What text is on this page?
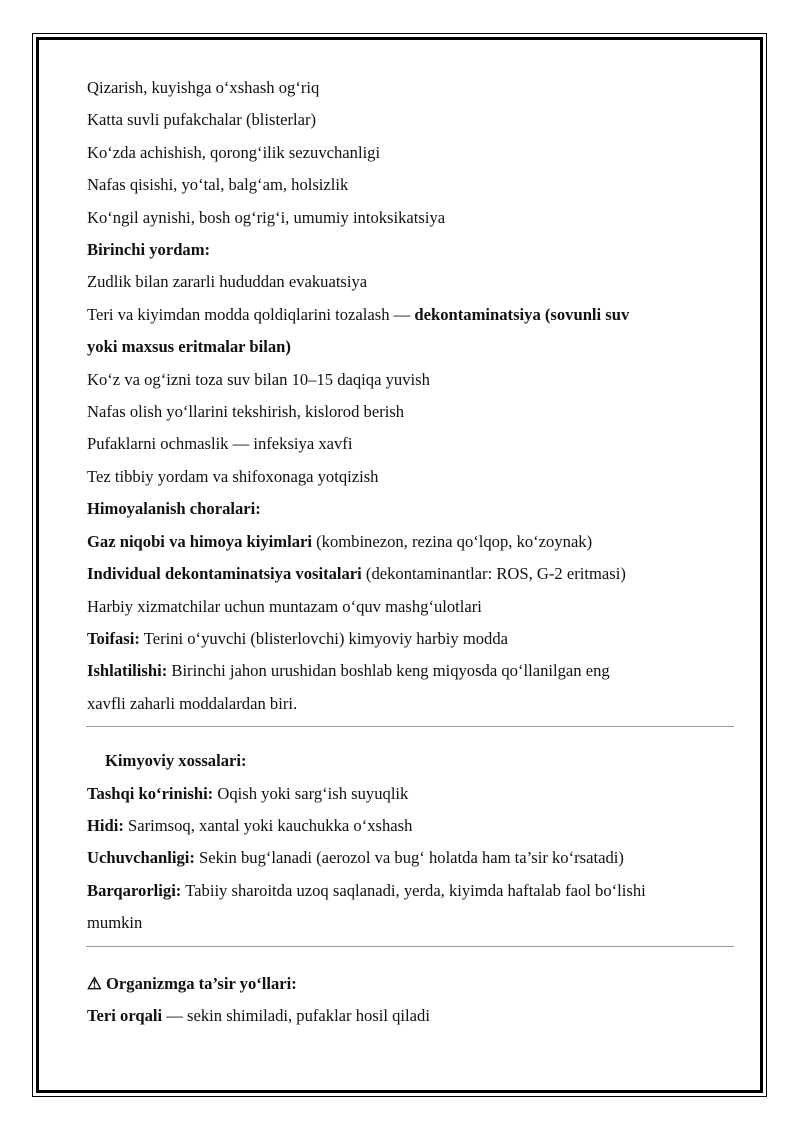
Qizarish, kuyishga o‘xshash og‘riq
Katta suvli pufakchalar (blisterlar)
Ko‘zda achishish, qorong‘ilik sezuvchanligi
Nafas qisishi, yo‘tal, balg‘am, holsizlik
Ko‘ngil aynishi, bosh og‘rig‘i, umumiy intoksikatsiya
Birinchi yordam:
Zudlik bilan zararli hududdan evakuatsiya
Teri va kiyimdan modda qoldiqlarini tozalash — dekontaminatsiya (sovunli suv
yoki maxsus eritmalar bilan)
Ko‘z va og‘izni toza suv bilan 10–15 daqiqa yuvish
Nafas olish yo‘llarini tekshirish, kislorod berish
Pufaklarni ochmaslik — infeksiya xavfi
Tez tibbiy yordam va shifoxonaga yotqizish
Himoyalanish choralari:
Gaz niqobi va himoya kiyimlari (kombinezon, rezina qo‘lqop, ko‘zoynak)
Individual dekontaminatsiya vositalari (dekontaminantlar: ROS, G-2 eritmasi)
Harbiy xizmatchilar uchun muntazam o‘quv mashg‘ulotlari
Toifasi: Terini o‘yuvchi (blisterlovchi) kimyoviy harbiy modda
Ishlatilishi: Birinchi jahon urushidan boshlab keng miqyosda qo‘llanilgan eng
xavfli zaharli moddalardan biri.
Kimyoviy xossalari:
Tashqi ko‘rinishi: Oqish yoki sarg‘ish suyuqlik
Hidi: Sarimsoq, xantal yoki kauchukka o‘xshash
Uchuvchanligi: Sekin bug‘lanadi (aerozol va bug‘ holatda ham ta’sir ko‘rsatadi)
Barqarorligi: Tabiiy sharoitda uzoq saqlanadi, yerda, kiyimda haftalab faol bo‘lishi
mumkin
⚠ Organizmga ta’sir yo‘llari:
Teri orqali — sekin shimiladi, pufaklar hosil qiladi
